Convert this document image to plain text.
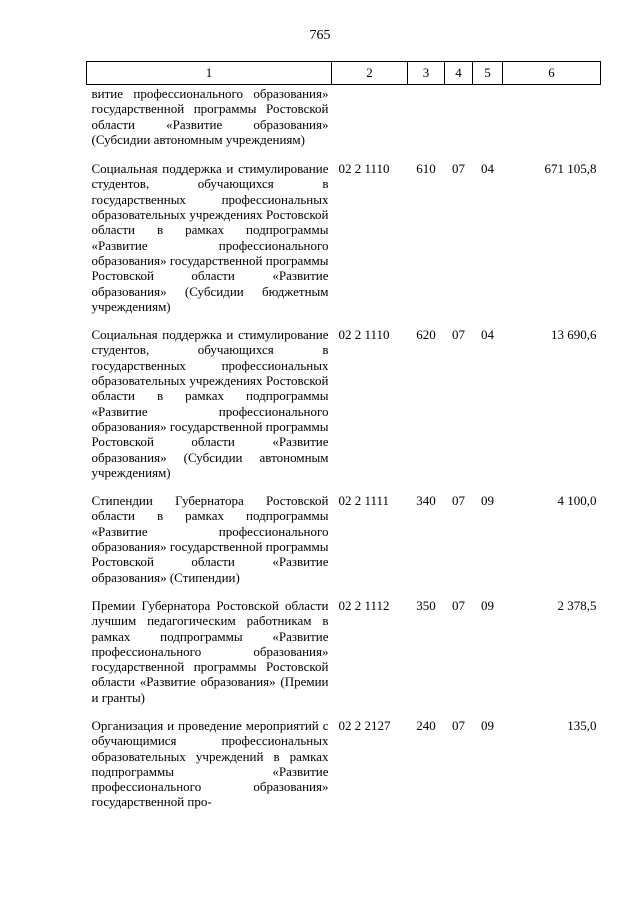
765
1	2	3	4	5	6
витие профессионального образования» государственной программы Ростовской области «Развитие образования» (Субсидии автономным учреждениям)					
Социальная поддержка и стимулирование студентов, обучающихся в государственных профессиональных образовательных учреждениях Ростовской области в рамках подпрограммы «Развитие профессионального образования» государственной программы Ростовской области «Развитие образования» (Субсидии бюджетным учреждениям)	02 2 1110	610	07	04	671 105,8
Социальная поддержка и стимулирование студентов, обучающихся в государственных профессиональных образовательных учреждениях Ростовской области в рамках подпрограммы «Развитие профессионального образования» государственной программы Ростовской области «Развитие образования» (Субсидии автономным учреждениям)	02 2 1110	620	07	04	13 690,6
Стипендии Губернатора Ростовской области в рамках подпрограммы «Развитие профессионального образования» государственной программы Ростовской области «Развитие образования» (Стипендии)	02 2 1111	340	07	09	4 100,0
Премии Губернатора Ростовской области лучшим педагогическим работникам в рамках подпрограммы «Развитие профессионального образования» государственной программы Ростовской области «Развитие образования» (Премии и гранты)	02 2 1112	350	07	09	2 378,5
Организация и проведение мероприятий с обучающимися профессиональных образовательных учреждений в рамках подпрограммы «Развитие профессионального образования» государственной про-	02 2 2127	240	07	09	135,0
